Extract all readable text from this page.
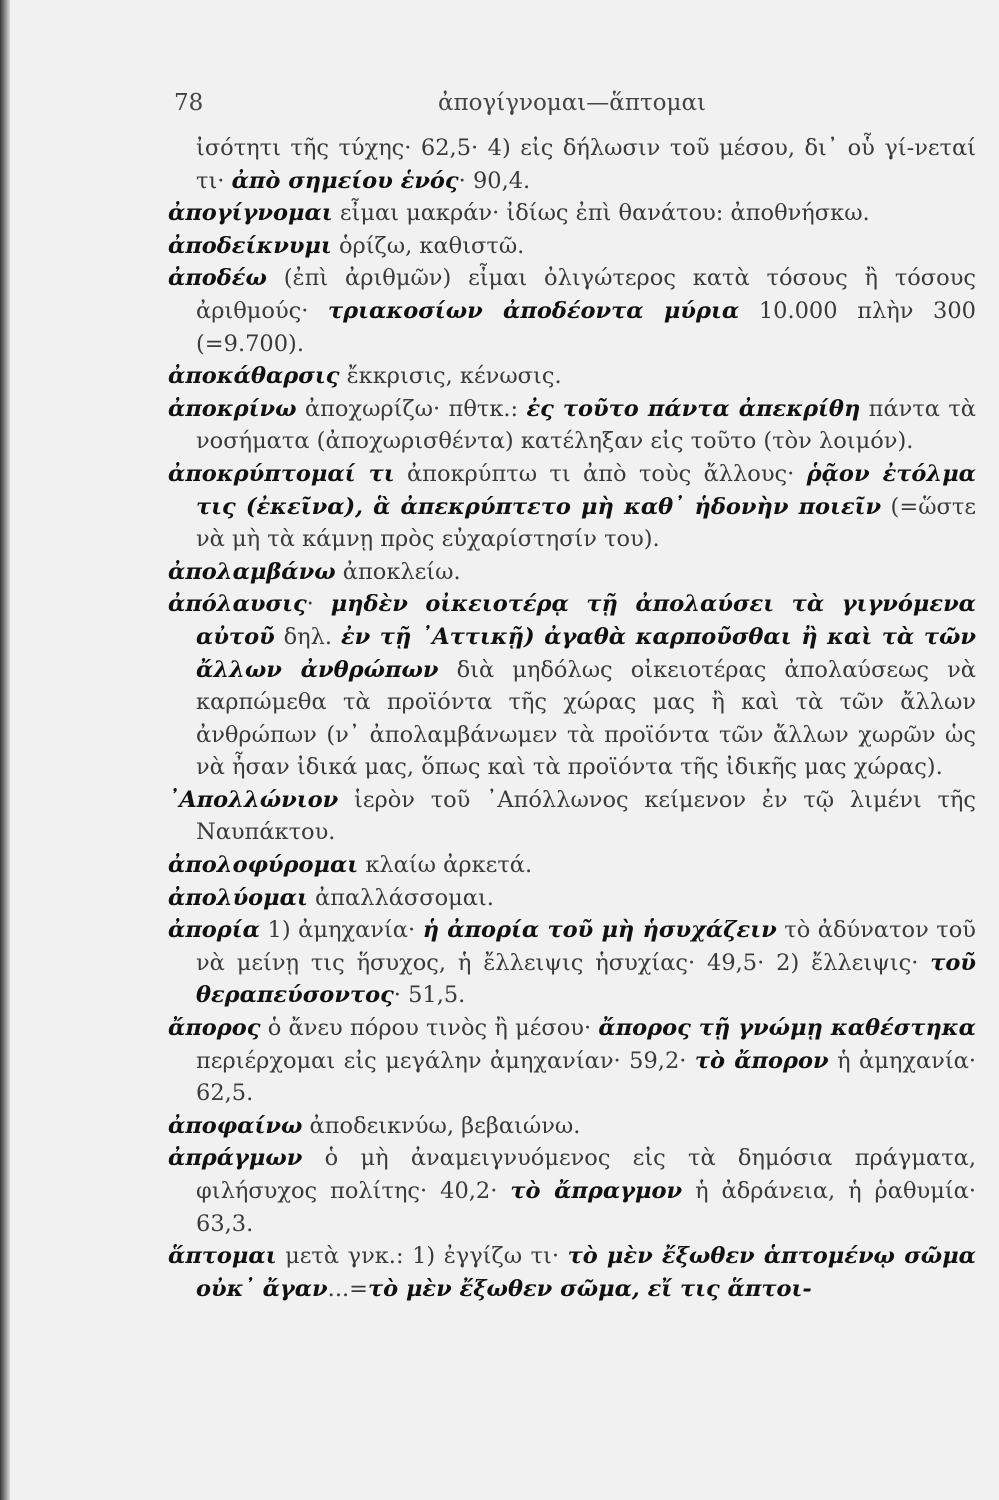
78	ἀπογίγνομαι—ἅπτομαι

ἰσότητι τῆς τύχης· 62,5· 4) εἰς δήλωσιν τοῦ μέσου, δι᾽ οὗ γί-νεταί τι· ἀπὸ σημείου ἑνός· 90,4.

ἀπογίγνομαι εἶμαι μακράν· ἰδίως ἐπὶ θανάτου: ἀποθνήσκω.

ἀποδείκνυμι ὁρίζω, καθιστῶ.

ἀποδέω (ἐπὶ ἀριθμῶν) εἶμαι ὀλιγώτερος κατὰ τόσους ἢ τόσους ἀριθμούς· τριακοσίων ἀποδέοντα μύρια 10.000 πλὴν 300 (=9.700).

ἀποκάθαρσις ἔκκρισις, κένωσις.

ἀποκρίνω ἀποχωρίζω· πθτκ.: ἐς τοῦτο πάντα ἀπεκρίθη πάντα τὰ νοσήματα (ἀποχωρισθέντα) κατέληξαν εἰς τοῦτο (τὸν λοιμόν).

ἀποκρύπτομαί τι ἀποκρύπτω τι ἀπὸ τοὺς ἄλλους· ῥᾷον ἐτόλμα τις (ἐκεῖνα), ἃ ἀπεκρύπτετο μὴ καθ᾽ ἡδονὴν ποιεῖν (=ὥστε νὰ μὴ τὰ κάμνῃ πρὸς εὐχαρίστησίν του).

ἀπολαμβάνω ἀποκλείω.

ἀπόλαυσις· μηδὲν οἰκειοτέρᾳ τῇ ἀπολαύσει τὰ γιγνόμενα αὐτοῦ δηλ. ἐν τῇ ᾽Αττικῇ) ἀγαθὰ καρποῦσθαι ἢ καὶ τὰ τῶν ἄλλων ἀνθρώπων διὰ μηδόλως οἰκειοτέρας ἀπολαύσεως νὰ καρπώμεθα τὰ προϊόντα τῆς χώρας μας ἢ καὶ τὰ τῶν ἄλλων ἀνθρώπων (ν᾽ ἀπολαμβάνωμεν τὰ προϊόντα τῶν ἄλλων χωρῶν ὡς νὰ ἦσαν ἰδικά μας, ὅπως καὶ τὰ προϊόντα τῆς ἰδικῆς μας χώρας).

᾽Απολλώνιον ἱερὸν τοῦ ᾽Απόλλωνος κείμενον ἐν τῷ λιμένι τῆς Ναυπάκτου.

ἀπολοφύρομαι κλαίω ἀρκετά.

ἀπολύομαι ἀπαλλάσσομαι.

ἀπορία 1) ἀμηχανία· ἡ ἀπορία τοῦ μὴ ἡσυχάζειν τὸ ἀδύνατον τοῦ νὰ μείνῃ τις ἥσυχος, ἡ ἔλλειψις ἡσυχίας· 49,5· 2) ἔλλειψις· τοῦ θεραπεύσοντος· 51,5.

ἄπορος ὁ ἄνευ πόρου τινὸς ἢ μέσου· ἄπορος τῇ γνώμῃ καθέστηκα περιέρχομαι εἰς μεγάλην ἀμηχανίαν· 59,2· τὸ ἄπορον ἡ ἀμηχανία· 62,5.

ἀποφαίνω ἀποδεικνύω, βεβαιώνω.

ἀπράγμων ὁ μὴ ἀναμειγνυόμενος εἰς τὰ δημόσια πράγματα, φιλήσυχος πολίτης· 40,2· τὸ ἄπραγμον ἡ ἀδράνεια, ἡ ῥαθυμία· 63,3.

ἅπτομαι μετὰ γνκ.: 1) ἐγγίζω τι· τὸ μὲν ἔξωθεν ἁπτομένῳ σῶμα οὐκ᾽ ἄγαν...=τὸ μὲν ἔξωθεν σῶμα, εἴ τις ἅπτοι-
